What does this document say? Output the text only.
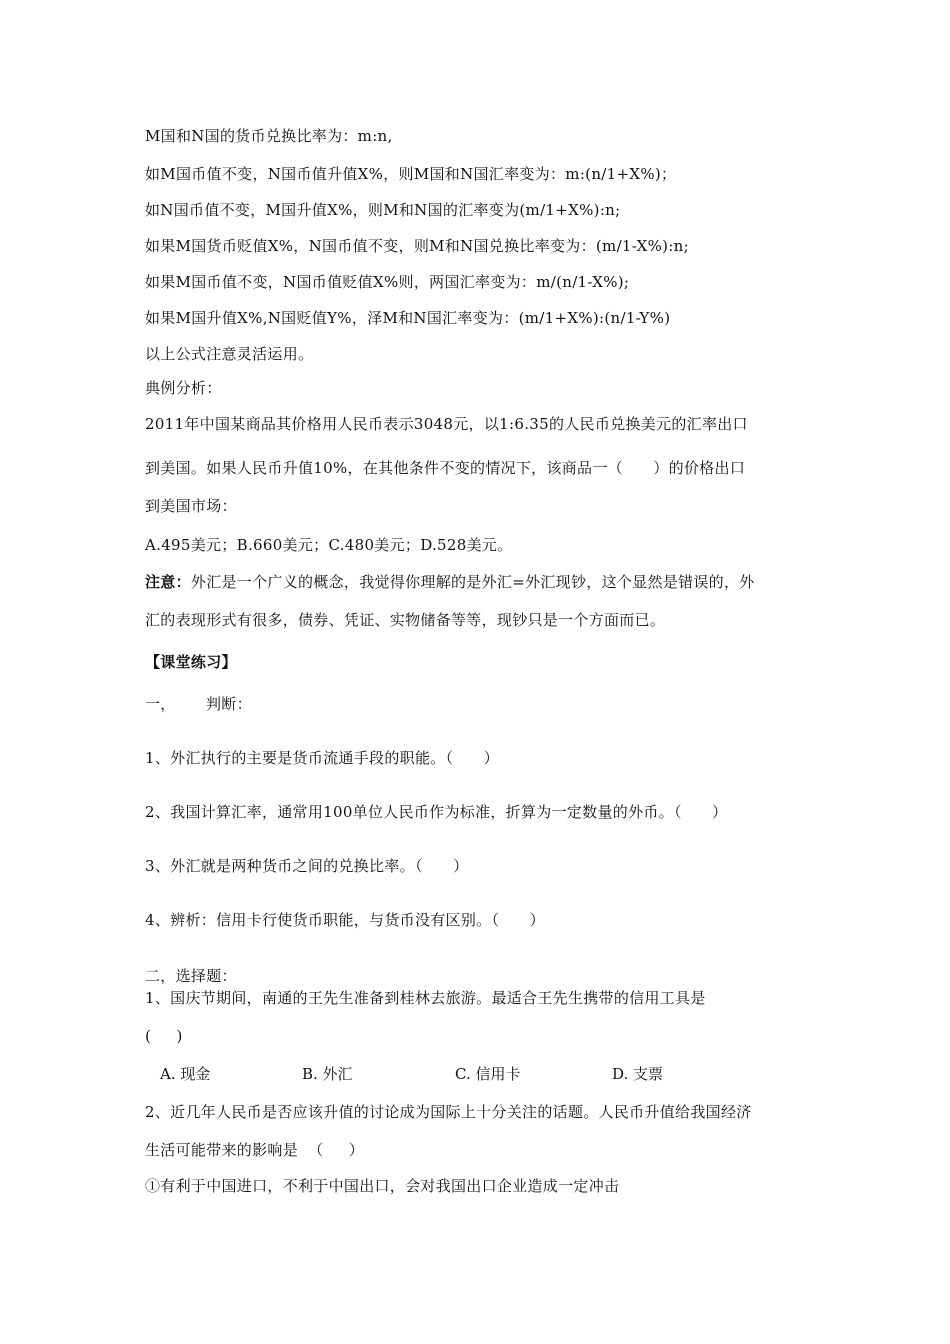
M国和N国的货币兑换比率为：m:n,
如M国币值不变，N国币值升值X%，则M国和N国汇率变为：m:(n/1+X%)；
如N国币值不变，M国升值X%，则M和N国的汇率变为(m/1+X%):n;
如果M国货币贬值X%，N国币值不变，则M和N国兑换比率变为：(m/1-X%):n;
如果M国币值不变，N国币值贬值X%则，两国汇率变为：m/(n/1-X%);
如果M国升值X%,N国贬值Y%，泽M和N国汇率变为：(m/1+X%):(n/1-Y%)
以上公式注意灵活运用。
典例分析：
2011年中国某商品其价格用人民币表示3048元，以1:6.35的人民币兑换美元的汇率出口
到美国。如果人民币升值10%，在其他条件不变的情况下，该商品一（      ）的价格出口
到美国市场：
A.495美元；B.660美元；C.480美元；D.528美元。
注意：外汇是一个广义的概念，我觉得你理解的是外汇=外汇现钞，这个显然是错误的，外
汇的表现形式有很多，债券、凭证、实物储备等等，现钞只是一个方面而已。
【课堂练习】
一，      判断：
1、外汇执行的主要是货币流通手段的职能。（      ）
2、我国计算汇率，通常用100单位人民币作为标准，折算为一定数量的外币。（      ）
3、外汇就是两种货币之间的兑换比率。（      ）
4、辨析：信用卡行使货币职能，与货币没有区别。（      ）
二，选择题：
1、国庆节期间，南通的王先生准备到桂林去旅游。最适合王先生携带的信用工具是
(     )
A. 现金	B. 外汇	C. 信用卡	D. 支票
2、近几年人民币是否应该升值的讨论成为国际上十分关注的话题。人民币升值给我国经济
生活可能带来的影响是  （     ）
①有利于中国进口，不利于中国出口，会对我国出口企业造成一定冲击
